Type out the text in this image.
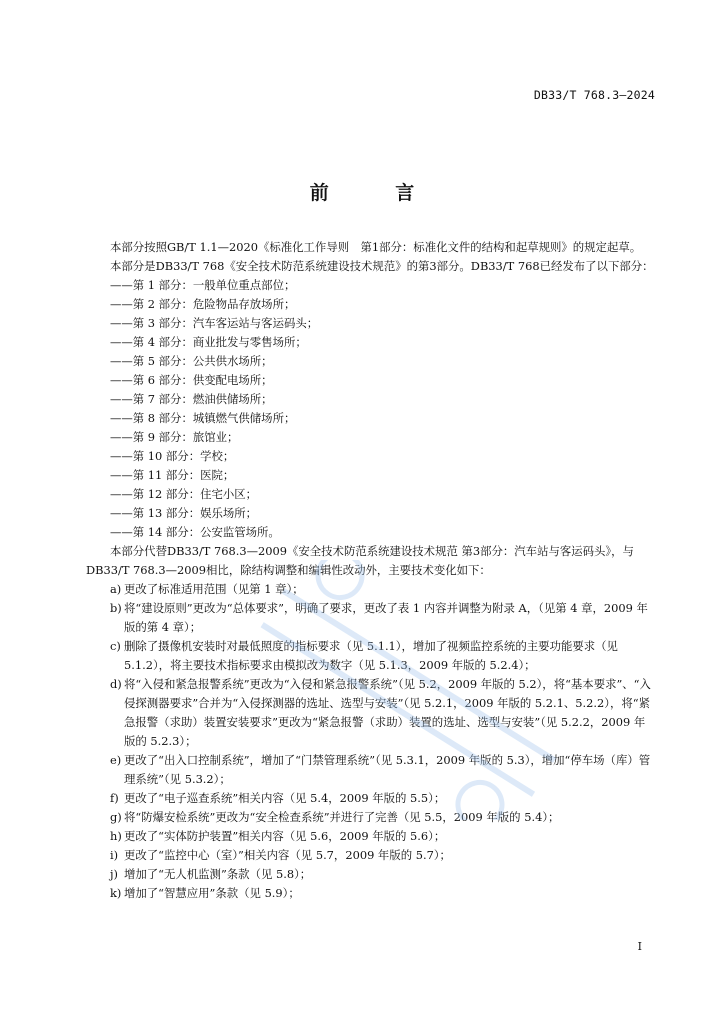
DB33/T 768.3—2024
前 言

本部分按照GB/T 1.1—2020《标准化工作导则　第1部分：标准化文件的结构和起草规则》的规定起草。

本部分是DB33/T 768《安全技术防范系统建设技术规范》的第3部分。DB33/T 768已经发布了以下部分：

——第 1 部分：一般单位重点部位；
——第 2 部分：危险物品存放场所；
——第 3 部分：汽车客运站与客运码头；
——第 4 部分：商业批发与零售场所；
——第 5 部分：公共供水场所；
——第 6 部分：供变配电场所；
——第 7 部分：燃油供储场所；
——第 8 部分：城镇燃气供储场所；
——第 9 部分：旅馆业；
——第 10 部分：学校；
——第 11 部分：医院；
——第 12 部分：住宅小区；
——第 13 部分：娱乐场所；
——第 14 部分：公安监管场所。

本部分代替DB33/T 768.3—2009《安全技术防范系统建设技术规范 第3部分：汽车站与客运码头》，与DB33/T 768.3—2009相比，除结构调整和编辑性改动外，主要技术变化如下：

a) 更改了标准适用范围（见第 1 章）；
b) 将“建设原则”更改为“总体要求”，明确了要求，更改了表 1 内容并调整为附录 A，（见第 4 章，2009 年版的第 4 章）；
c) 删除了摄像机安装时对最低照度的指标要求（见 5.1.1），增加了视频监控系统的主要功能要求（见 5.1.2），将主要技术指标要求由模拟改为数字（见 5.1.3，2009 年版的 5.2.4）；
d) 将“入侵和紧急报警系统”更改为“入侵和紧急报警系统”（见 5.2，2009 年版的 5.2），将“基本要求”、“入侵探测器要求”合并为“入侵探测器的选址、选型与安装”（见 5.2.1，2009 年版的 5.2.1、5.2.2），将“紧急报警（求助）装置安装要求”更改为“紧急报警（求助）装置的选址、选型与安装”（见 5.2.2，2009 年版的 5.2.3）；
e) 更改了“出入口控制系统”，增加了“门禁管理系统”（见 5.3.1，2009 年版的 5.3），增加“停车场（库）管理系统”（见 5.3.2）；
f) 更改了“电子巡查系统”相关内容（见 5.4，2009 年版的 5.5）；
g) 将“防爆安检系统”更改为“安全检查系统”并进行了完善（见 5.5，2009 年版的 5.4）；
h) 更改了“实体防护装置”相关内容（见 5.6，2009 年版的 5.6）；
i) 更改了“监控中心（室）”相关内容（见 5.7，2009 年版的 5.7）；
j) 增加了“无人机监测”条款（见 5.8）；
k) 增加了“智慧应用”条款（见 5.9）；
I
